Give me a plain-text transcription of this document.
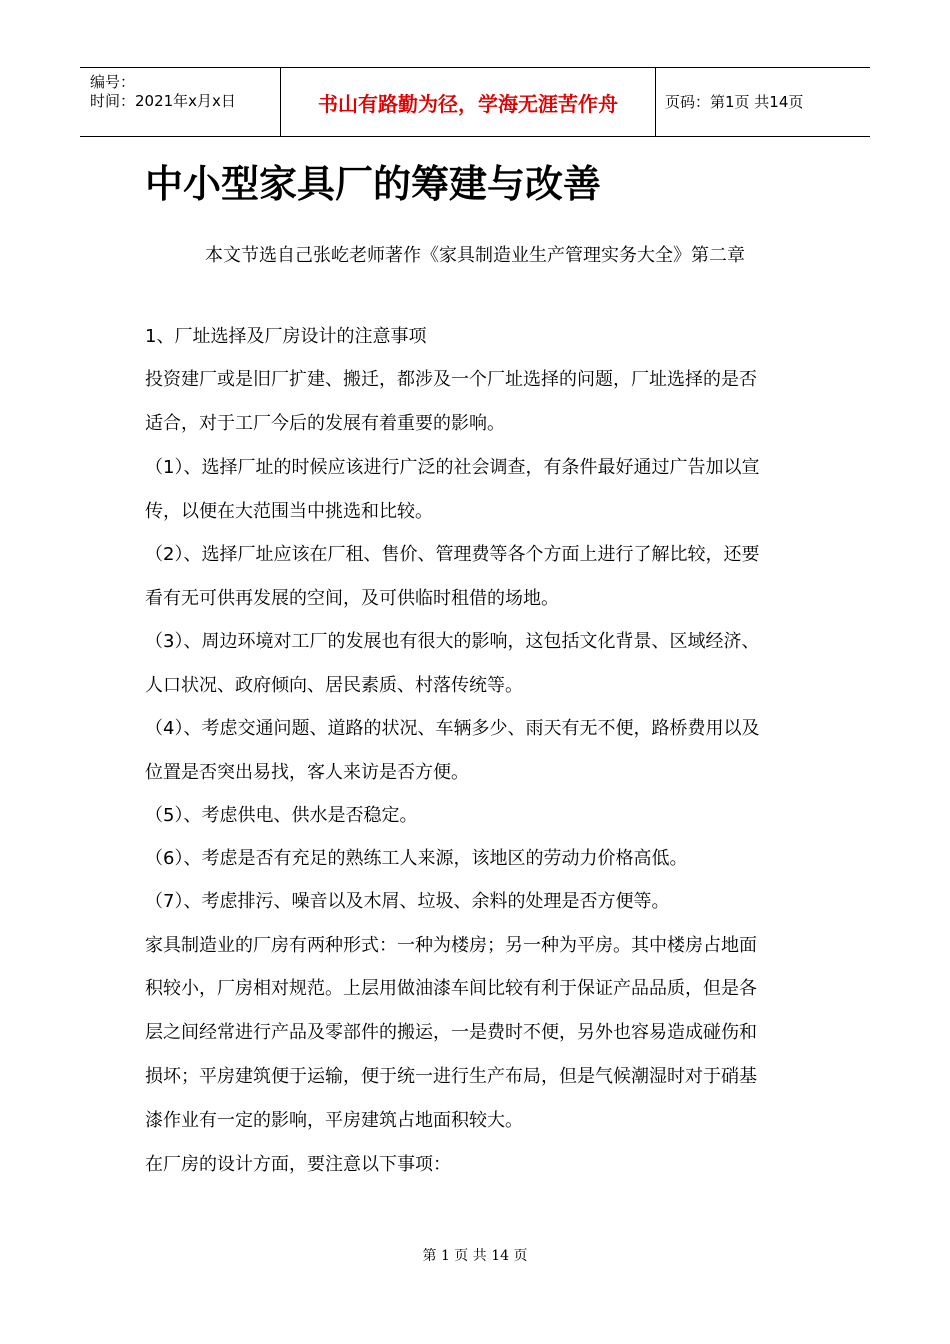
编号：
时间：2021年x月x日	书山有路勤为径，学海无涯苦作舟	页码：第1页 共14页
中小型家具厂的筹建与改善
本文节选自己张屹老师著作《家具制造业生产管理实务大全》第二章
1、厂址选择及厂房设计的注意事项
投资建厂或是旧厂扩建、搬迁，都涉及一个厂址选择的问题，厂址选择的是否
适合，对于工厂今后的发展有着重要的影响。
（1）、选择厂址的时候应该进行广泛的社会调查，有条件最好通过广告加以宣
传，以便在大范围当中挑选和比较。
（2）、选择厂址应该在厂租、售价、管理费等各个方面上进行了解比较，还要
看有无可供再发展的空间，及可供临时租借的场地。
（3）、周边环境对工厂的发展也有很大的影响，这包括文化背景、区域经济、
人口状况、政府倾向、居民素质、村落传统等。
（4）、考虑交通问题、道路的状况、车辆多少、雨天有无不便，路桥费用以及
位置是否突出易找，客人来访是否方便。
（5）、考虑供电、供水是否稳定。
（6）、考虑是否有充足的熟练工人来源，该地区的劳动力价格高低。
（7）、考虑排污、噪音以及木屑、垃圾、余料的处理是否方便等。
家具制造业的厂房有两种形式：一种为楼房；另一种为平房。其中楼房占地面
积较小，厂房相对规范。上层用做油漆车间比较有利于保证产品品质，但是各
层之间经常进行产品及零部件的搬运，一是费时不便，另外也容易造成碰伤和
损坏；平房建筑便于运输，便于统一进行生产布局，但是气候潮湿时对于硝基
漆作业有一定的影响，平房建筑占地面积较大。
在厂房的设计方面，要注意以下事项：
第 1 页 共 14 页
